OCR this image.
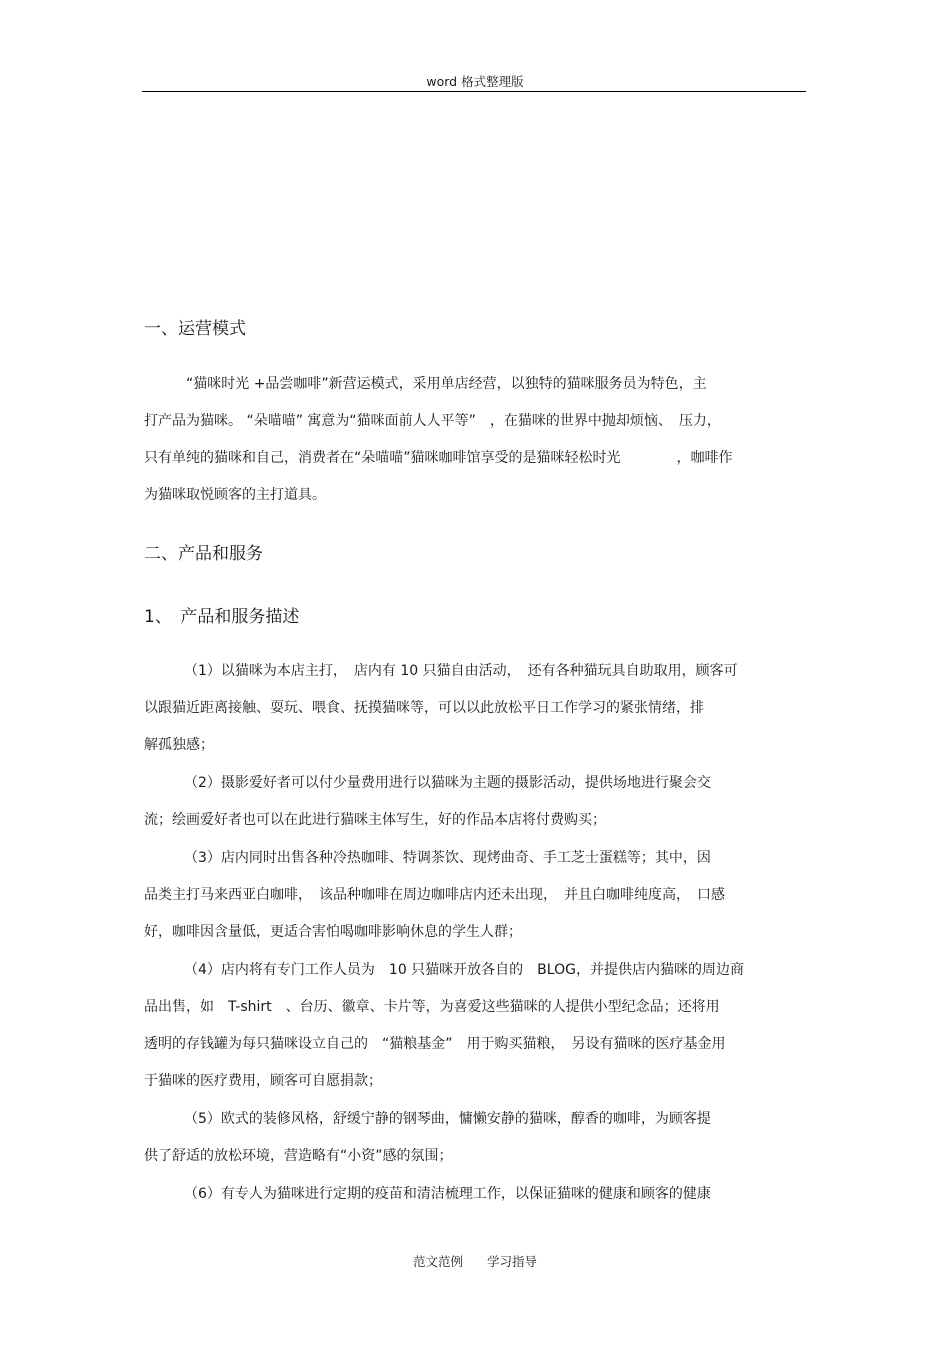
word 格式整理版
一、运营模式
“猫咪时光 +品尝咖啡”新营运模式，采用单店经营，以独特的猫咪服务员为特色，主
打产品为猫咪。 “朵喵喵” 寓意为“猫咪面前人人平等”　，在猫咪的世界中抛却烦恼、　压力，
只有单纯的猫咪和自己，消费者在“朵喵喵”猫咪咖啡馆享受的是猫咪轻松时光　　　　，咖啡作
为猫咪取悦顾客的主打道具。
二、产品和服务
1、　产品和服务描述
（1）以猫咪为本店主打，　店内有 10 只猫自由活动，　还有各种猫玩具自助取用，顾客可
以跟猫近距离接触、耍玩、喂食、抚摸猫咪等，可以以此放松平日工作学习的紧张情绪，排
解孤独感；
（2）摄影爱好者可以付少量费用进行以猫咪为主题的摄影活动，提供场地进行聚会交
流；绘画爱好者也可以在此进行猫咪主体写生，好的作品本店将付费购买；
（3）店内同时出售各种冷热咖啡、特调茶饮、现烤曲奇、手工芝士蛋糕等；其中，因
品类主打马来西亚白咖啡，　该品种咖啡在周边咖啡店内还未出现，　并且白咖啡纯度高，　口感
好，咖啡因含量低，更适合害怕喝咖啡影响休息的学生人群；
（4）店内将有专门工作人员为　10 只猫咪开放各自的　BLOG，并提供店内猫咪的周边商
品出售，如　T-shirt　、台历、徽章、卡片等，为喜爱这些猫咪的人提供小型纪念品；还将用
透明的存钱罐为每只猫咪设立自己的　“猫粮基金”　用于购买猫粮，　另设有猫咪的医疗基金用
于猫咪的医疗费用，顾客可自愿捐款；
（5）欧式的装修风格，舒缓宁静的钢琴曲，慵懒安静的猫咪，醇香的咖啡，为顾客提
供了舒适的放松环境，营造略有“小资”感的氛围；
（6）有专人为猫咪进行定期的疫苗和清洁梳理工作，以保证猫咪的健康和顾客的健康
范文范例 学习指导
